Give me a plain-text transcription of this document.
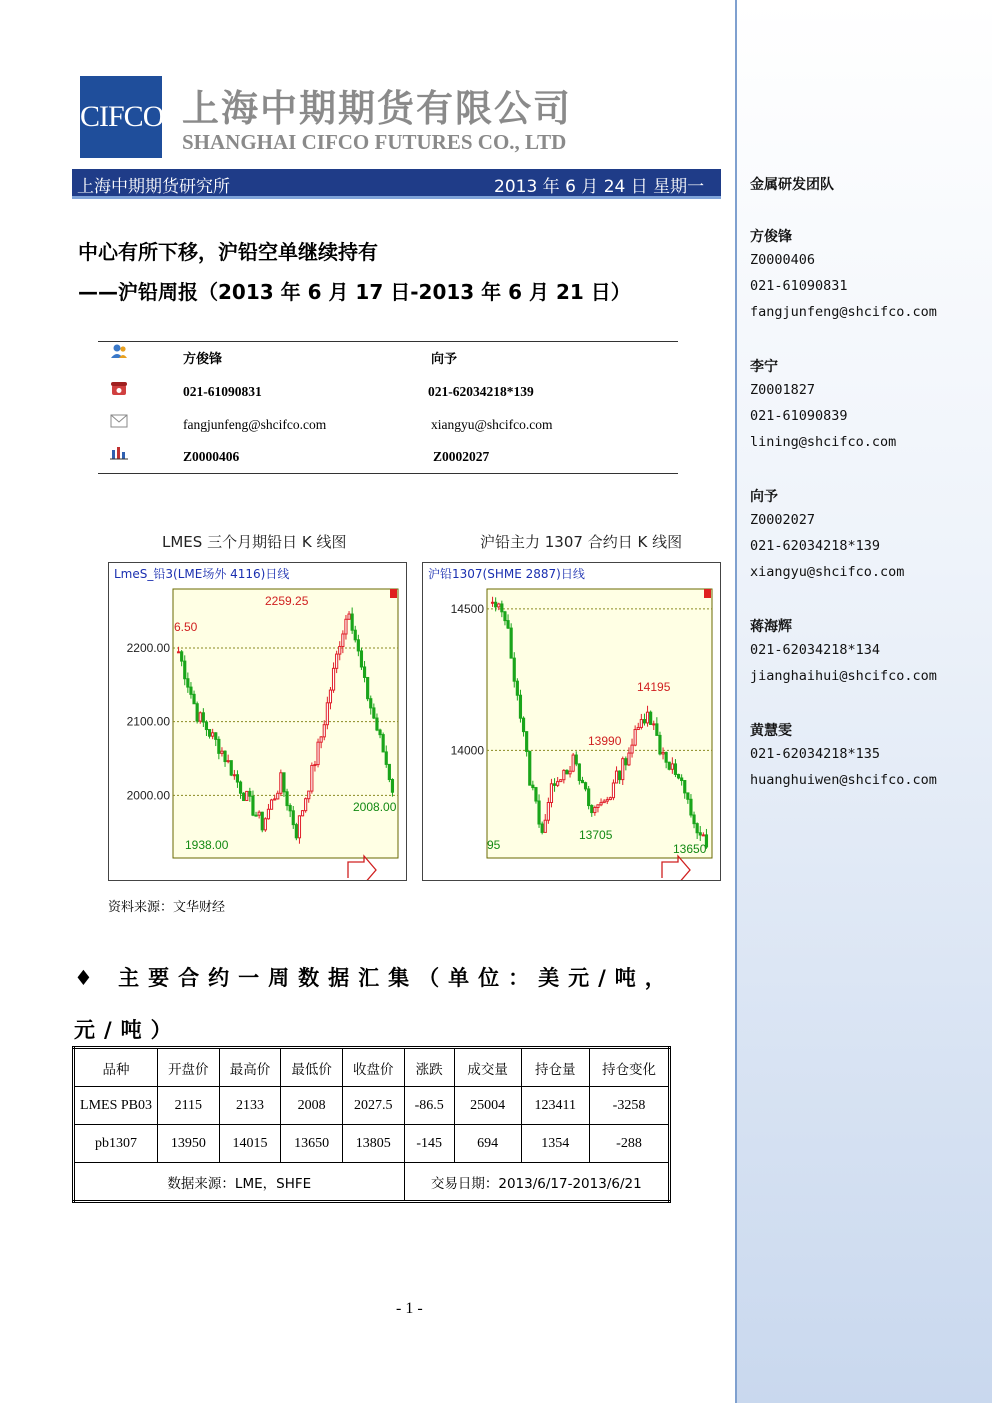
金属研发团队
方俊锋
Z0000406
021-61090831
fangjunfeng@shcifco.com
李宁
Z0001827
021-61090839
lining@shcifco.com
向予
Z0002027
021-62034218*139
xiangyu@shcifco.com
蒋海辉
021-62034218*134
jianghaihui@shcifco.com
黄慧雯
021-62034218*135
huanghuiwen@shcifco.com
CIFCO 上海中期期货有限公司
SHANGHAI CIFCO FUTURES CO., LTD
上海中期期货研究所	2013 年 6 月 24 日 星期一
中心有所下移，沪铅空单继续持有
——沪铅周报（2013 年 6 月 17 日-2013 年 6 月 21 日）
方俊锋	向予
021-61090831	021-62034218*139
fangjunfeng@shcifco.com	xiangyu@shcifco.com
Z0000406	Z0002027
LMES 三个月期铅日 K 线图	沪铅主力 1307 合约日 K 线图
LmeS_铅3(LME场外 4116)日线
2000.00
2100.00
2200.00
2259.25
6.50
1938.00
2008.00
沪铅1307(SHME 2887)日线
14000
14500
14195
13990
13705
95	13650
资料来源：文华财经
♦ 主要合约一周数据汇集（单位：美元/吨，元/吨）
品种	开盘价	最高价	最低价	收盘价	涨跌	成交量	持仓量	持仓变化
LMES PB03	2115	2133	2008	2027.5	-86.5	25004	123411	-3258
pb1307	13950	14015	13650	13805	-145	694	1354	-288
数据来源：LME，SHFE					交易日期：2013/6/17-2013/6/21			
- 1 -
